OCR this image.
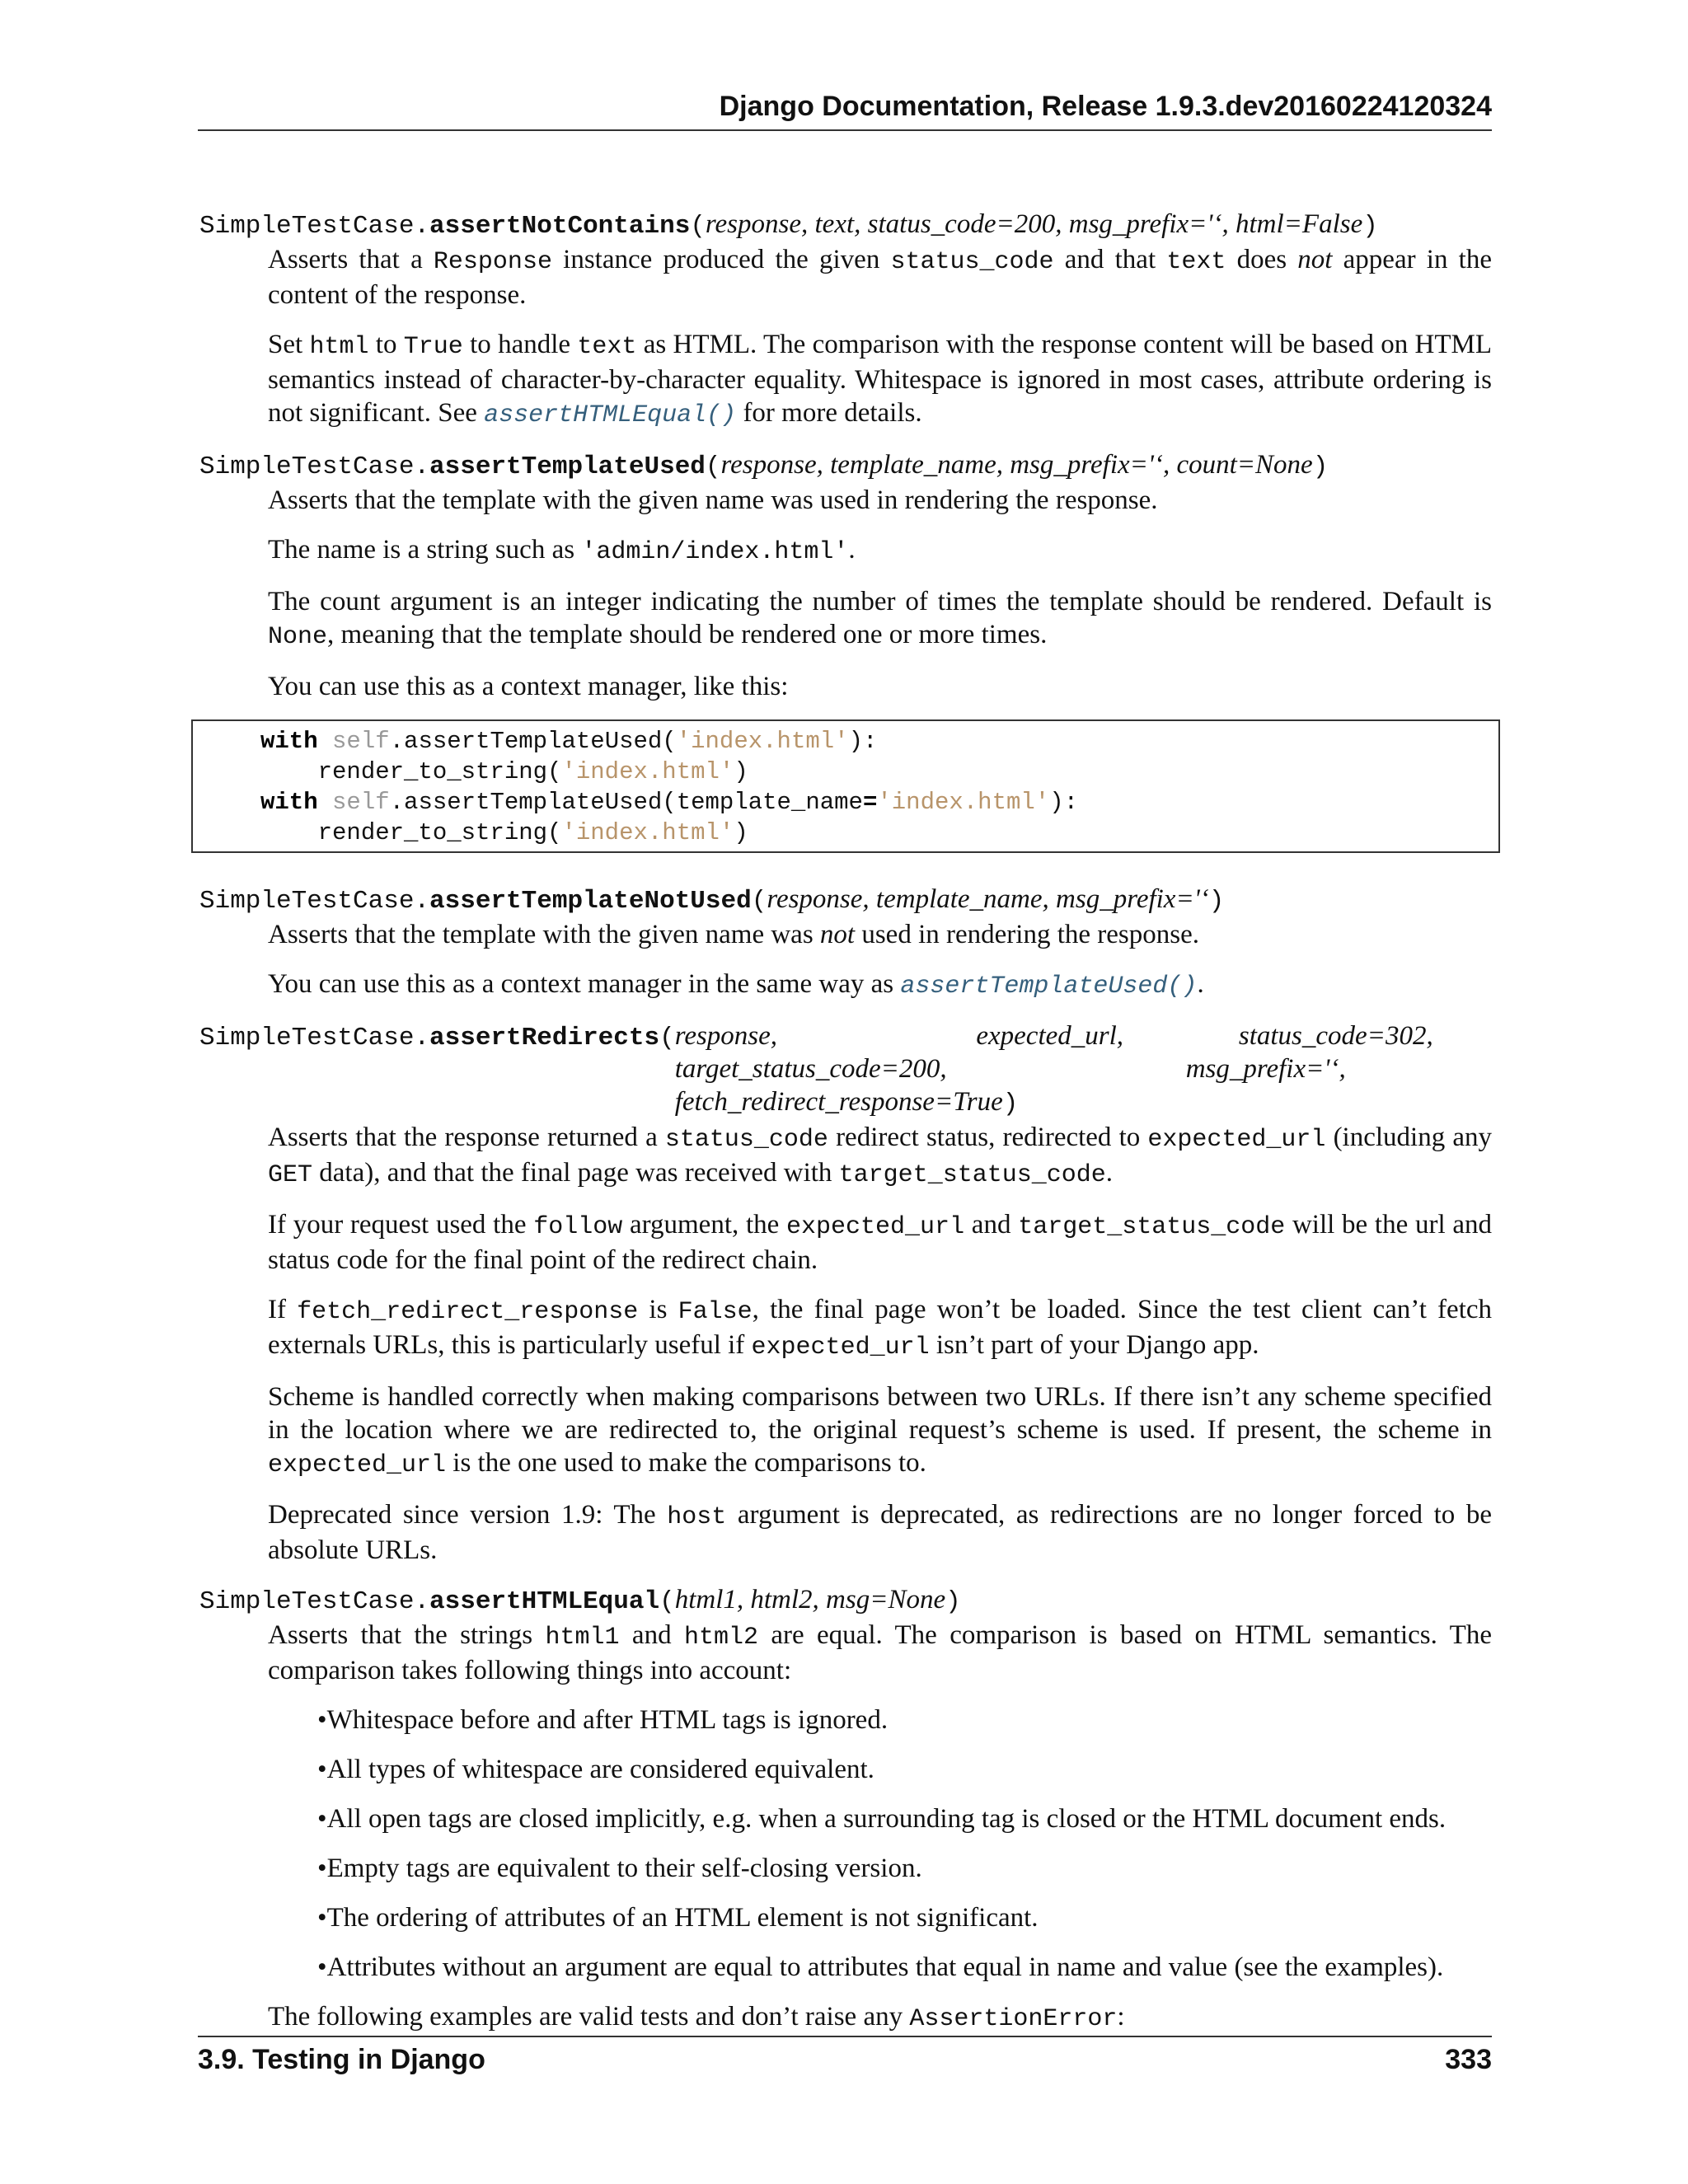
Django Documentation, Release 1.9.3.dev20160224120324
SimpleTestCase.assertNotContains(response, text, status_code=200, msg_prefix='‘, html=False)

Asserts that a Response instance produced the given status_code and that text does not appear in the content of the response.

Set html to True to handle text as HTML. The comparison with the response content will be based on HTML semantics instead of character-by-character equality. Whitespace is ignored in most cases, attribute ordering is not significant. See assertHTMLEqual() for more details.

SimpleTestCase.assertTemplateUsed(response, template_name, msg_prefix='‘, count=None)

Asserts that the template with the given name was used in rendering the response.

The name is a string such as 'admin/index.html'.

The count argument is an integer indicating the number of times the template should be rendered. Default is None, meaning that the template should be rendered one or more times.

You can use this as a context manager, like this:

with self.assertTemplateUsed('index.html'):
render_to_string('index.html')
with self.assertTemplateUsed(template_name='index.html'):
render_to_string('index.html')
SimpleTestCase.assertTemplateNotUsed(response, template_name, msg_prefix='‘)

Asserts that the template with the given name was not used in rendering the response.

You can use this as a context manager in the same way as assertTemplateUsed().

SimpleTestCase.assertRedirects( response,	expected_url,	status_code=302,
target_status_code=200,	msg_prefix='‘,
fetch_redirect_response=True)

Asserts that the response returned a status_code redirect status, redirected to expected_url (including any GET data), and that the final page was received with target_status_code.

If your request used the follow argument, the expected_url and target_status_code will be the url and status code for the final point of the redirect chain.

If fetch_redirect_response is False, the final page won’t be loaded. Since the test client can’t fetch externals URLs, this is particularly useful if expected_url isn’t part of your Django app.

Scheme is handled correctly when making comparisons between two URLs. If there isn’t any scheme specified in the location where we are redirected to, the original request’s scheme is used. If present, the scheme in expected_url is the one used to make the comparisons to.

Deprecated since version 1.9: The host argument is deprecated, as redirections are no longer forced to be absolute URLs.

SimpleTestCase.assertHTMLEqual(html1, html2, msg=None)

Asserts that the strings html1 and html2 are equal. The comparison is based on HTML semantics. The comparison takes following things into account:

• Whitespace before and after HTML tags is ignored.
• All types of whitespace are considered equivalent.
• All open tags are closed implicitly, e.g. when a surrounding tag is closed or the HTML document ends.
• Empty tags are equivalent to their self-closing version.
• The ordering of attributes of an HTML element is not significant.
• Attributes without an argument are equal to attributes that equal in name and value (see the examples).

The following examples are valid tests and don’t raise any AssertionError:

3.9. Testing in Django	333
